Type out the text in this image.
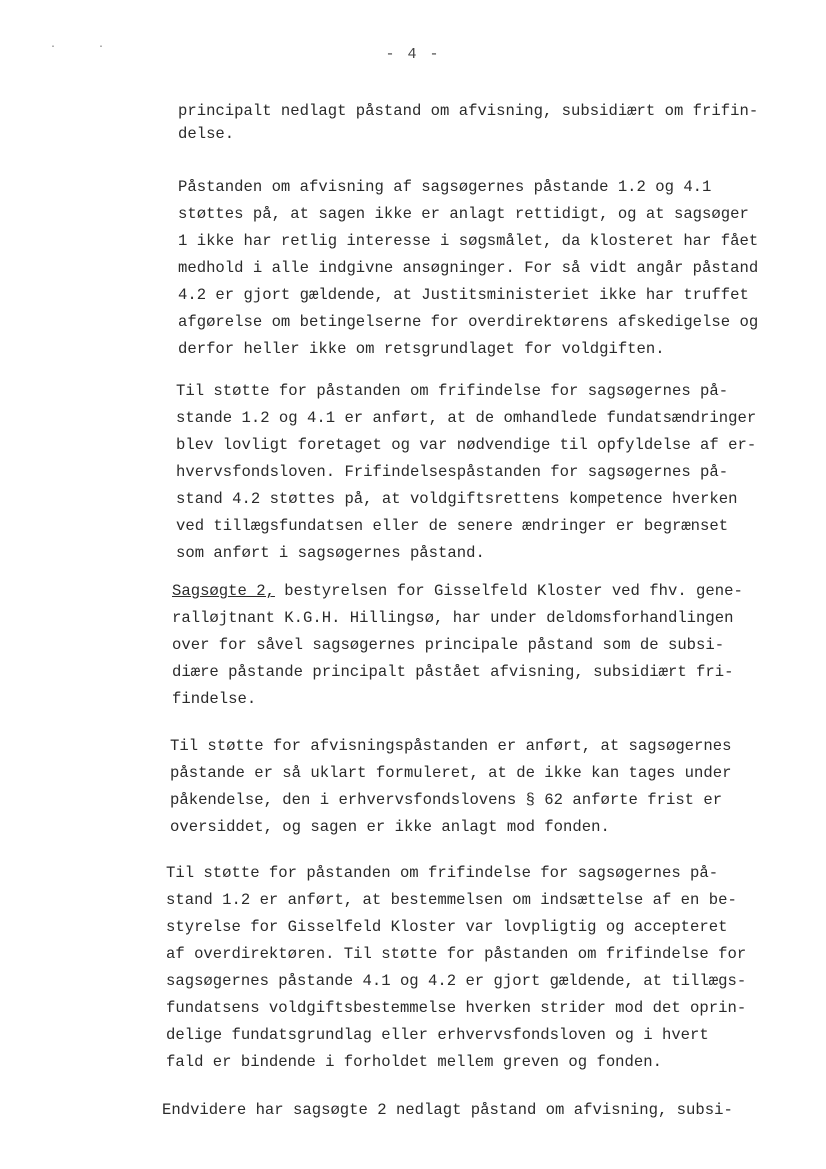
·	·	- 4 -
principalt nedlagt påstand om afvisning, subsidiært om frifin-
delse.
Påstanden om afvisning af sagsøgernes påstande 1.2 og 4.1
støttes på, at sagen ikke er anlagt rettidigt, og at sagsøger
1 ikke har retlig interesse i søgsmålet, da klosteret har fået
medhold i alle indgivne ansøgninger. For så vidt angår påstand
4.2 er gjort gældende, at Justitsministeriet ikke har truffet
afgørelse om betingelserne for overdirektørens afskedigelse og
derfor heller ikke om retsgrundlaget for voldgiften.
Til støtte for påstanden om frifindelse for sagsøgernes på-
stande 1.2 og 4.1 er anført, at de omhandlede fundatsændringer
blev lovligt foretaget og var nødvendige til opfyldelse af er-
hvervsfondsloven. Frifindelsespåstanden for sagsøgernes på-
stand 4.2 støttes på, at voldgiftsrettens kompetence hverken
ved tillægsfundatsen eller de senere ændringer er begrænset
som anført i sagsøgernes påstand.
Sagsøgte 2, bestyrelsen for Gisselfeld Kloster ved fhv. gene-
ralløjtnant K.G.H. Hillingsø, har under deldomsforhandlingen
over for såvel sagsøgernes principale påstand som de subsi-
diære påstande principalt påstået afvisning, subsidiært fri-
findelse.
Til støtte for afvisningspåstanden er anført, at sagsøgernes
påstande er så uklart formuleret, at de ikke kan tages under
påkendelse, den i erhvervsfondslovens § 62 anførte frist er
oversiddet, og sagen er ikke anlagt mod fonden.
Til støtte for påstanden om frifindelse for sagsøgernes på-
stand 1.2 er anført, at bestemmelsen om indsættelse af en be-
styrelse for Gisselfeld Kloster var lovpligtig og accepteret
af overdirektøren. Til støtte for påstanden om frifindelse for
sagsøgernes påstande 4.1 og 4.2 er gjort gældende, at tillægs-
fundatsens voldgiftsbestemmelse hverken strider mod det oprin-
delige fundatsgrundlag eller erhvervsfondsloven og i hvert
fald er bindende i forholdet mellem greven og fonden.
Endvidere har sagsøgte 2 nedlagt påstand om afvisning, subsi-
